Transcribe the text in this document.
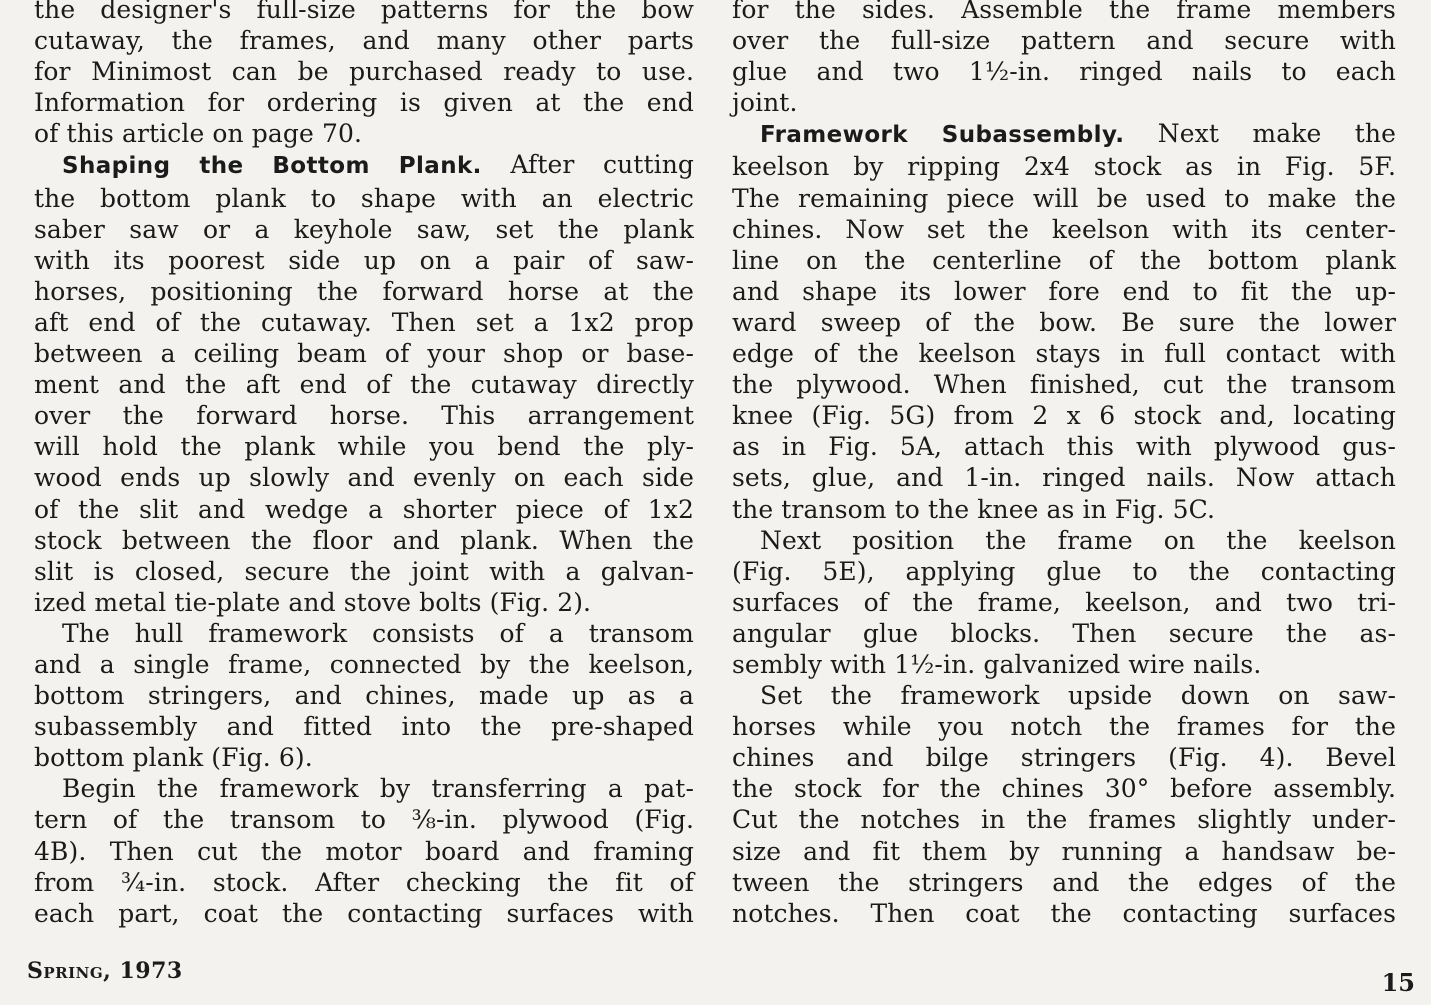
the designer's full-size patterns for the bow
cutaway, the frames, and many other parts
for Minimost can be purchased ready to use.
Information for ordering is given at the end
of this article on page 70.
Shaping the Bottom Plank. After cutting
the bottom plank to shape with an electric
saber saw or a keyhole saw, set the plank
with its poorest side up on a pair of saw-
horses, positioning the forward horse at the
aft end of the cutaway. Then set a 1x2 prop
between a ceiling beam of your shop or base-
ment and the aft end of the cutaway directly
over the forward horse. This arrangement
will hold the plank while you bend the ply-
wood ends up slowly and evenly on each side
of the slit and wedge a shorter piece of 1x2
stock between the floor and plank. When the
slit is closed, secure the joint with a galvan-
ized metal tie-plate and stove bolts (Fig. 2).
The hull framework consists of a transom
and a single frame, connected by the keelson,
bottom stringers, and chines, made up as a
subassembly and fitted into the pre-shaped
bottom plank (Fig. 6).
Begin the framework by transferring a pat-
tern of the transom to ⅜-in. plywood (Fig.
4B). Then cut the motor board and framing
from ¾-in. stock. After checking the fit of
each part, coat the contacting surfaces with
for the sides. Assemble the frame members
over the full-size pattern and secure with
glue and two 1½-in. ringed nails to each
joint.
Framework Subassembly. Next make the
keelson by ripping 2x4 stock as in Fig. 5F.
The remaining piece will be used to make the
chines. Now set the keelson with its center-
line on the centerline of the bottom plank
and shape its lower fore end to fit the up-
ward sweep of the bow. Be sure the lower
edge of the keelson stays in full contact with
the plywood. When finished, cut the transom
knee (Fig. 5G) from 2 x 6 stock and, locating
as in Fig. 5A, attach this with plywood gus-
sets, glue, and 1-in. ringed nails. Now attach
the transom to the knee as in Fig. 5C.
Next position the frame on the keelson
(Fig. 5E), applying glue to the contacting
surfaces of the frame, keelson, and two tri-
angular glue blocks. Then secure the as-
sembly with 1½-in. galvanized wire nails.
Set the framework upside down on saw-
horses while you notch the frames for the
chines and bilge stringers (Fig. 4). Bevel
the stock for the chines 30° before assembly.
Cut the notches in the frames slightly under-
size and fit them by running a handsaw be-
tween the stringers and the edges of the
notches. Then coat the contacting surfaces
Spring, 1973	15
